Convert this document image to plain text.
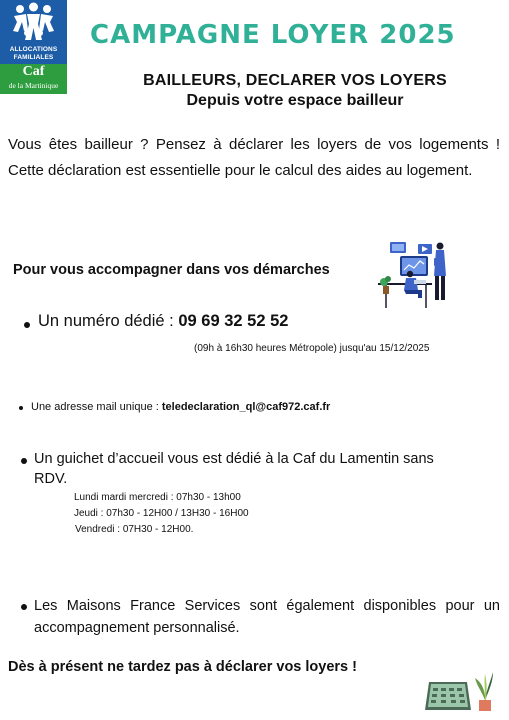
ALLOCATIONS
FAMILIALES
Caf
de la Martinique
CAMPAGNE LOYER 2025
BAILLEURS, DECLARER VOS LOYERS
Depuis votre espace bailleur
Vous êtes bailleur ? Pensez à déclarer les loyers de vos logements ! Cette déclaration est essentielle pour le calcul des aides au logement.
Pour vous accompagner dans vos démarches
Un numéro dédié : 09 69 32 52 52
(09h à 16h30 heures Métropole) jusqu'au 15/12/2025
Une adresse mail unique : teledeclaration_ql@caf972.caf.fr
Un guichet d’accueil vous est dédié à la Caf du Lamentin sans RDV.
Lundi mardi mercredi : 07h30 - 13h00
Jeudi : 07h30 - 12H00 / 13H30 - 16H00
Vendredi : 07H30 - 12H00.
Les Maisons France Services sont également disponibles pour un accompagnement personnalisé.
Dès à présent ne tardez pas à déclarer vos loyers !
